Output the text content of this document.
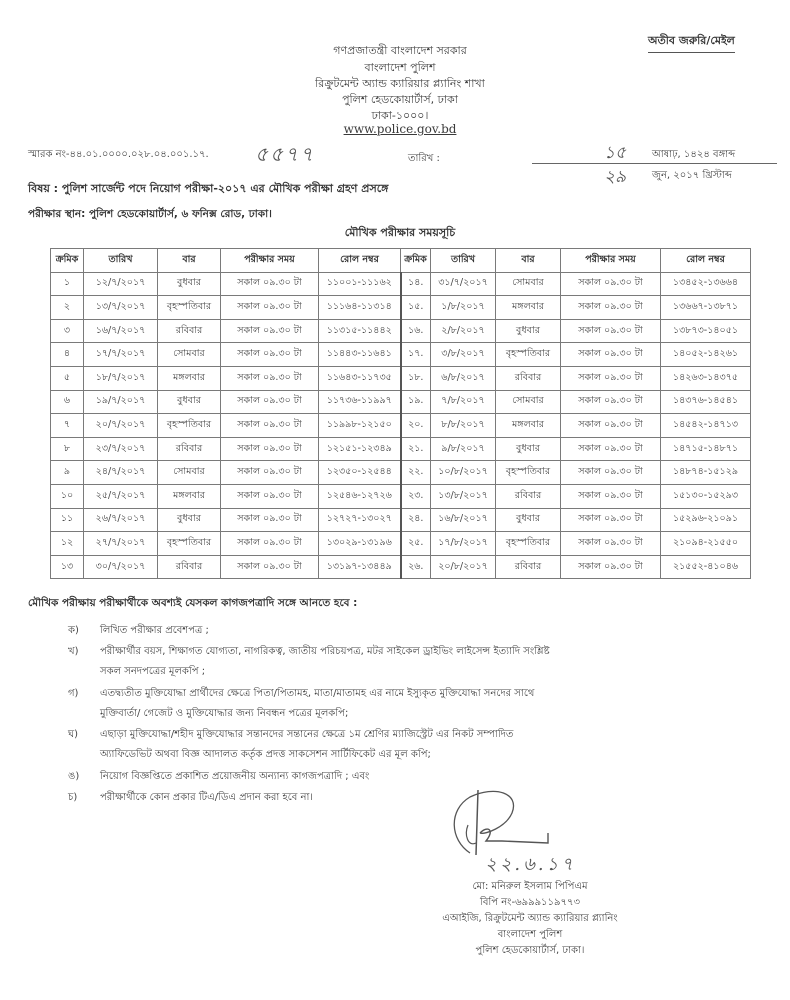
গণপ্রজাতন্ত্রী বাংলাদেশ সরকার
বাংলাদেশ পুলিশ
রিক্রুটমেন্ট অ্যান্ড ক্যারিয়ার প্ল্যানিং শাখা
পুলিশ হেডকোয়ার্টার্স, ঢাকা
ঢাকা-১০০০।
www.police.gov.bd
অতীব জরুরি/মেইল
স্মারক নং-৪৪.০১.০০০০.০২৮.০৪.০০১.১৭. ৫৫৭৭	তারিখ :	১৫	আষাঢ়, ১৪২৪ বঙ্গাব্দ
২৯	জুন, ২০১৭ খ্রিস্টাব্দ
বিষয় : পুলিশ সার্জেন্ট পদে নিয়োগ পরীক্ষা-২০১৭ এর মৌখিক পরীক্ষা গ্রহণ প্রসঙ্গে
পরীক্ষার স্থান: পুলিশ হেডকোয়ার্টার্স, ৬ ফনিক্স রোড, ঢাকা।
মৌখিক পরীক্ষার সময়সূচি
ক্রমিক	তারিখ	বার	পরীক্ষার সময়	রোল নম্বর	ক্রমিক	তারিখ	বার	পরীক্ষার সময়	রোল নম্বর
১	১২/৭/২০১৭	বুধবার	সকাল ০৯.৩০ টা	১১০০১-১১১৬২	১৪.	৩১/৭/২০১৭	সোমবার	সকাল ০৯.৩০ টা	১৩৪৫২-১৩৬৬৪
২	১৩/৭/২০১৭	বৃহস্পতিবার	সকাল ০৯.৩০ টা	১১১৬৪-১১৩১৪	১৫.	১/৮/২০১৭	মঙ্গলবার	সকাল ০৯.৩০ টা	১৩৬৬৭-১৩৮৭১
৩	১৬/৭/২০১৭	রবিবার	সকাল ০৯.৩০ টা	১১৩১৫-১১৪৪২	১৬.	২/৮/২০১৭	বুধবার	সকাল ০৯.৩০ টা	১৩৮৭৩-১৪০৫১
৪	১৭/৭/২০১৭	সোমবার	সকাল ০৯.৩০ টা	১১৪৪৩-১১৬৪১	১৭.	৩/৮/২০১৭	বৃহস্পতিবার	সকাল ০৯.৩০ টা	১৪০৫২-১৪২৬১
৫	১৮/৭/২০১৭	মঙ্গলবার	সকাল ০৯.৩০ টা	১১৬৪৩-১১৭৩৫	১৮.	৬/৮/২০১৭	রবিবার	সকাল ০৯.৩০ টা	১৪২৬৩-১৪৩৭৫
৬	১৯/৭/২০১৭	বুধবার	সকাল ০৯.৩০ টা	১১৭৩৬-১১৯৯৭	১৯.	৭/৮/২০১৭	সোমবার	সকাল ০৯.৩০ টা	১৪৩৭৬-১৪৫৪১
৭	২০/৭/২০১৭	বৃহস্পতিবার	সকাল ০৯.৩০ টা	১১৯৯৮-১২১৫০	২০.	৮/৮/২০১৭	মঙ্গলবার	সকাল ০৯.৩০ টা	১৪৫৪২-১৪৭১৩
৮	২৩/৭/২০১৭	রবিবার	সকাল ০৯.৩০ টা	১২১৫১-১২৩৪৯	২১.	৯/৮/২০১৭	বুধবার	সকাল ০৯.৩০ টা	১৪৭১৫-১৪৮৭১
৯	২৪/৭/২০১৭	সোমবার	সকাল ০৯.৩০ টা	১২৩৫০-১২৫৪৪	২২.	১০/৮/২০১৭	বৃহস্পতিবার	সকাল ০৯.৩০ টা	১৪৮৭৪-১৫১২৯
১০	২৫/৭/২০১৭	মঙ্গলবার	সকাল ০৯.৩০ টা	১২৫৪৬-১২৭২৬	২৩.	১৩/৮/২০১৭	রবিবার	সকাল ০৯.৩০ টা	১৫১৩০-১৫২৯৩
১১	২৬/৭/২০১৭	বুধবার	সকাল ০৯.৩০ টা	১২৭২৭-১৩০২৭	২৪.	১৬/৮/২০১৭	বুধবার	সকাল ০৯.৩০ টা	১৫২৯৬-২১০৯১
১২	২৭/৭/২০১৭	বৃহস্পতিবার	সকাল ০৯.৩০ টা	১৩০২৯-১৩১৯৬	২৫.	১৭/৮/২০১৭	বৃহস্পতিবার	সকাল ০৯.৩০ টা	২১০৯৪-২১৫৫০
১৩	৩০/৭/২০১৭	রবিবার	সকাল ০৯.৩০ টা	১৩১৯৭-১৩৪৪৯	২৬.	২০/৮/২০১৭	রবিবার	সকাল ০৯.৩০ টা	২১৫৫২-৪১০৪৬
মৌখিক পরীক্ষায় পরীক্ষার্থীকে অবশ্যই যেসকল কাগজপত্রাদি সঙ্গে আনতে হবে :
ক)	লিখিত পরীক্ষার প্রবেশপত্র ;
খ)	পরীক্ষার্থীর বয়স, শিক্ষাগত যোগ্যতা, নাগরিকত্ব, জাতীয় পরিচয়পত্র, মটর সাইকেল ড্রাইভিং লাইসেন্স ইত্যাদি সংশ্লিষ্ট
সকল সনদপত্রের মূলকপি ;
গ)	এতদ্ব্যতীত মুক্তিযোদ্ধা প্রার্থীদের ক্ষেত্রে পিতা/পিতামহ, মাতা/মাতামহ এর নামে ইস্যুকৃত মুক্তিযোদ্ধা সনদের সাথে
মুক্তিবার্তা/ গেজেট ও মুক্তিযোদ্ধার জন্য নিবন্ধন পত্রের মূলকপি;
ঘ)	এছাড়া মুক্তিযোদ্ধা/শহীদ মুক্তিযোদ্ধার সন্তানদের সন্তানের ক্ষেত্রে ১ম শ্রেণির ম্যাজিস্ট্রেট এর নিকট সম্পাদিত
অ্যাফিডেভিট অথবা বিজ্ঞ আদালত কর্তৃক প্রদত্ত সাকসেশন সার্টিফিকেট এর মূল কপি;
ঙ)	নিয়োগ বিজ্ঞপ্তিতে প্রকাশিত প্রয়োজনীয় অন্যান্য কাগজপত্রাদি ; এবং
চ)	পরীক্ষার্থীকে কোন প্রকার টিএ/ডিএ প্রদান করা হবে না।
২২.৬.১৭
মো: মনিরুল ইসলাম পিপিএম
বিপি নং-৬৯৯৯১১৯৭৭৩
এআইজি, রিক্রুটমেন্ট অ্যান্ড ক্যারিয়ার প্ল্যানিং
বাংলাদেশ পুলিশ
পুলিশ হেডকোয়ার্টার্স, ঢাকা।
